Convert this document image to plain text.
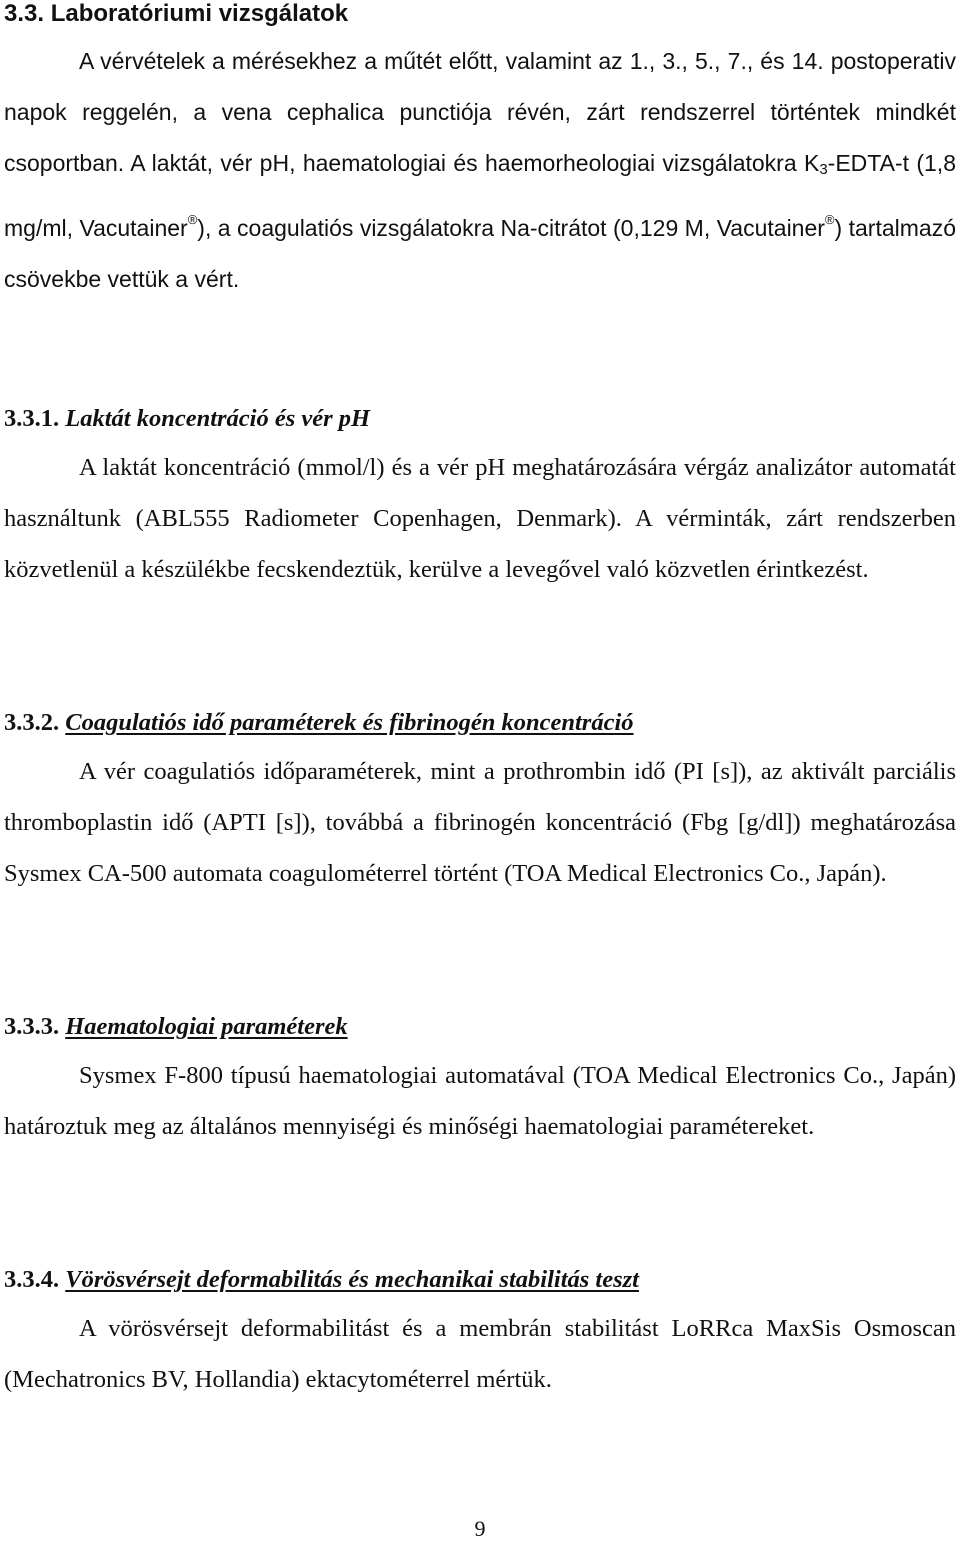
3.3. Laboratóriumi vizsgálatok

A vérvételek a mérésekhez a műtét előtt, valamint az 1., 3., 5., 7., és 14. postoperativ napok reggelén, a vena cephalica punctiója révén, zárt rendszerrel történtek mindkét csoportban. A laktát, vér pH, haematologiai és haemorheologiai vizsgálatokra $K_3-EDTA-t$ (1,8 mg/ml, Vacutainer®), a coagulatiós vizsgálatokra Na-citrátot (0,129 M, Vacutainer®) tartalmazó csövekbe vettük a vért.

3.3.1. Laktát koncentráció és vér pH

A laktát koncentráció (mmol/l) és a vér pH meghatározására vérgáz analizátor automatát használtunk (ABL555 Radiometer Copenhagen, Denmark). A vérminták, zárt rendszerben közvetlenül a készülékbe fecskendeztük, kerülve a levegővel való közvetlen érintkezést.

3.3.2. Coagulatiós idő paraméterek és fibrinogén koncentráció

A vér coagulatiós időparaméterek, mint a prothrombin idő (PI [s]), az aktivált parciális thromboplastin idő (APTI [s]), továbbá a fibrinogén koncentráció (Fbg [g/dl]) meghatározása Sysmex CA-500 automata coagulométerrel történt (TOA Medical Electronics Co., Japán).

3.3.3. Haematologiai paraméterek

Sysmex F-800 típusú haematologiai automatával (TOA Medical Electronics Co., Japán) határoztuk meg az általános mennyiségi és minőségi haematologiai paramétereket.

3.3.4. Vörösvérsejt deformabilitás és mechanikai stabilitás teszt

A vörösvérsejt deformabilitást és a membrán stabilitást LoRRca MaxSis Osmoscan (Mechatronics BV, Hollandia) ektacytométerrel mértük.

9
